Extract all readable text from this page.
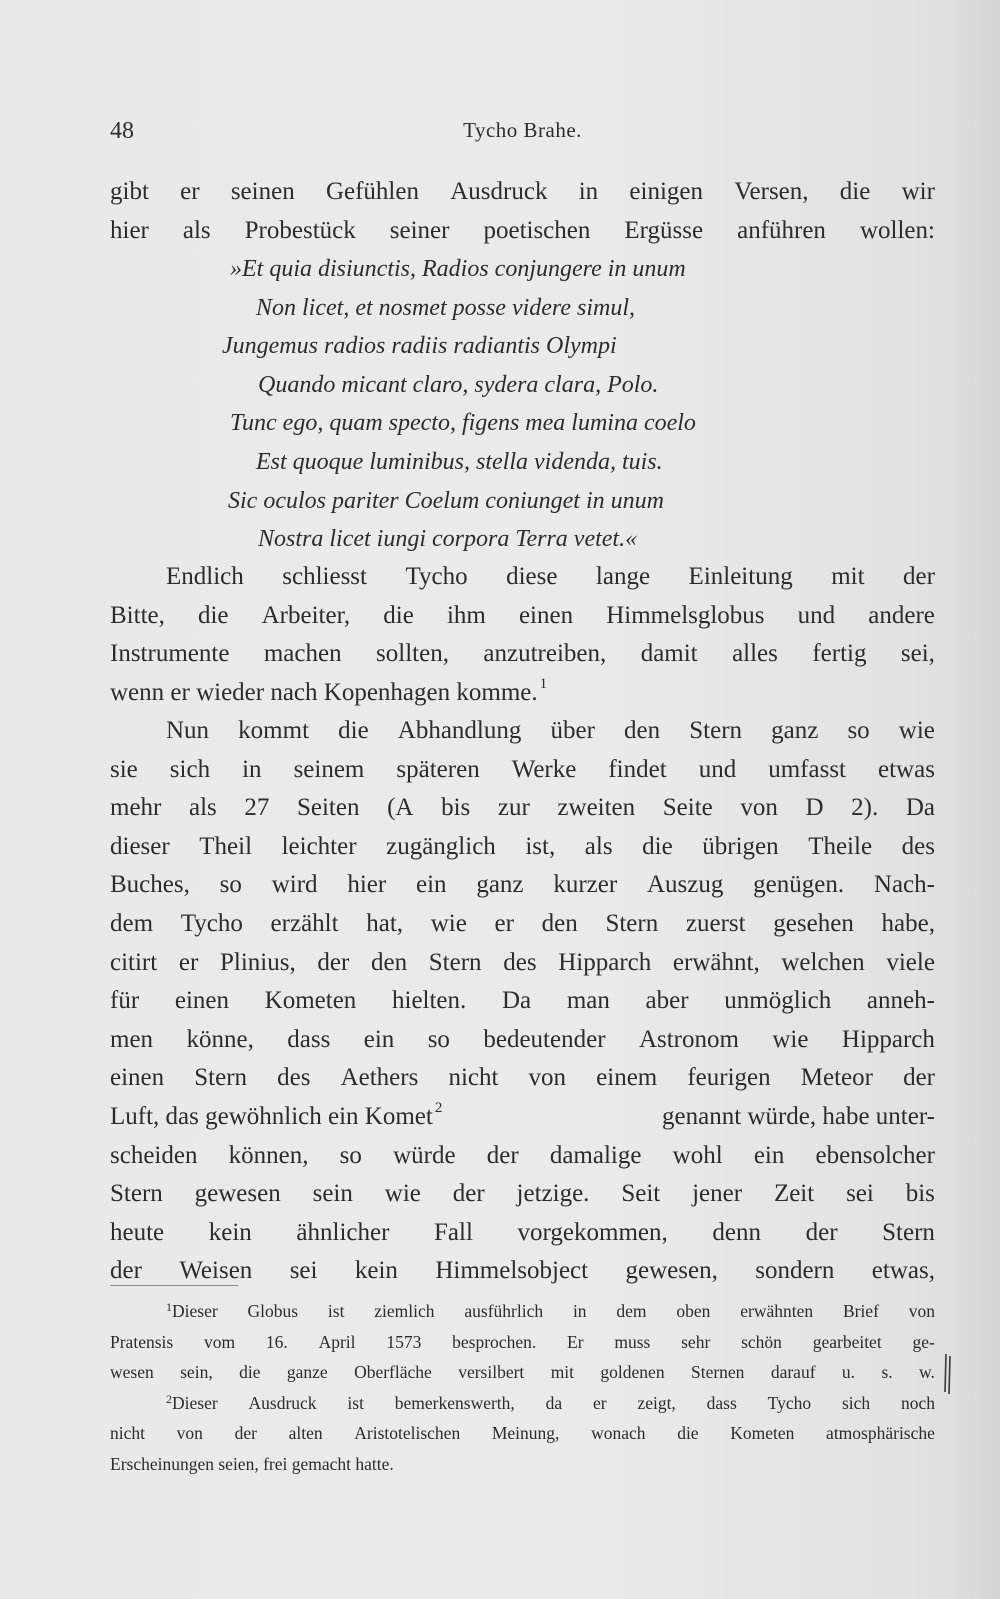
48	Tycho Brahe.
gibt er seinen Gefühlen Ausdruck in einigen Versen, die wir
hier als Probestück seiner poetischen Ergüsse anführen wollen:
»Et quia disiunctis, Radios conjungere in unum
Non licet, et nosmet posse videre simul,
Jungemus radios radiis radiantis Olympi
Quando micant claro, sydera clara, Polo.
Tunc ego, quam specto, figens mea lumina coelo
Est quoque luminibus, stella videnda, tuis.
Sic oculos pariter Coelum coniunget in unum
Nostra licet iungi corpora Terra vetet.«
Endlich schliesst Tycho diese lange Einleitung mit der
Bitte, die Arbeiter, die ihm einen Himmelsglobus und andere
Instrumente machen sollten, anzutreiben, damit alles fertig sei,
wenn er wieder nach Kopenhagen komme. $^1$
Nun kommt die Abhandlung über den Stern ganz so wie
sie sich in seinem späteren Werke findet und umfasst etwas
mehr als 27 Seiten (A bis zur zweiten Seite von D 2). Da
dieser Theil leichter zugänglich ist, als die übrigen Theile des
Buches, so wird hier ein ganz kurzer Auszug genügen. Nach-
dem Tycho erzählt hat, wie er den Stern zuerst gesehen habe,
citirt er Plinius, der den Stern des Hipparch erwähnt, welchen viele
für einen Kometen hielten. Da man aber unmöglich anneh-
men könne, dass ein so bedeutender Astronom wie Hipparch
einen Stern des Aethers nicht von einem feurigen Meteor der
Luft, das gewöhnlich ein Komet 2	genannt würde, habe unter-
scheiden können, so würde der damalige wohl ein ebensolcher
Stern gewesen sein wie der jetzige. Seit jener Zeit sei bis
heute kein ähnlicher Fall vorgekommen, denn der Stern
der Weisen sei kein Himmelsobject gewesen, sondern etwas,
1Dieser Globus ist ziemlich ausführlich in dem oben erwähnten Brief von
Pratensis vom 16. April 1573 besprochen. Er muss sehr schön gearbeitet ge-
wesen sein, die ganze Oberfläche versilbert mit goldenen Sternen darauf u. s. w.
2Dieser Ausdruck ist bemerkenswerth, da er zeigt, dass Tycho sich noch
nicht von der alten Aristotelischen Meinung, wonach die Kometen atmosphärische
Erscheinungen seien, frei gemacht hatte.
